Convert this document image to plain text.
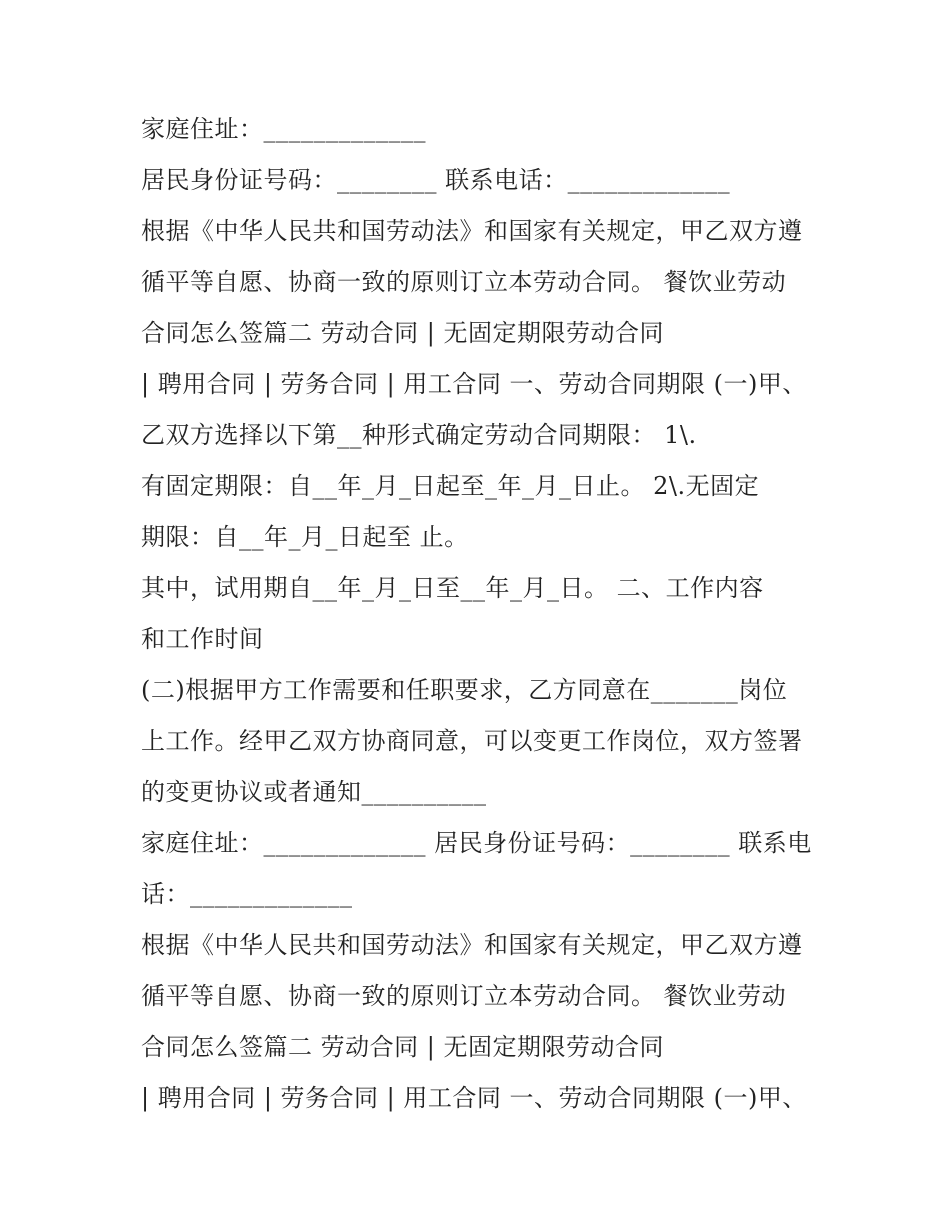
家庭住址：_____________
居民身份证号码：________ 联系电话：_____________
根据《中华人民共和国劳动法》和国家有关规定，甲乙双方遵
循平等自愿、协商一致的原则订立本劳动合同。 餐饮业劳动
合同怎么签篇二 劳动合同 | 无固定期限劳动合同
| 聘用合同 | 劳务合同 | 用工合同 一、劳动合同期限 (一)甲、
乙双方选择以下第__种形式确定劳动合同期限： 1\.
有固定期限：自__年_月_日起至_年_月_日止。 2\.无固定
期限：自__年_月_日起至 止。
其中，试用期自__年_月_日至__年_月_日。 二、工作内容
和工作时间
(二)根据甲方工作需要和任职要求，乙方同意在_______岗位
上工作。经甲乙双方协商同意，可以变更工作岗位，双方签署
的变更协议或者通知__________
家庭住址：_____________ 居民身份证号码：________ 联系电
话：_____________
根据《中华人民共和国劳动法》和国家有关规定，甲乙双方遵
循平等自愿、协商一致的原则订立本劳动合同。 餐饮业劳动
合同怎么签篇二 劳动合同 | 无固定期限劳动合同
| 聘用合同 | 劳务合同 | 用工合同 一、劳动合同期限 (一)甲、
